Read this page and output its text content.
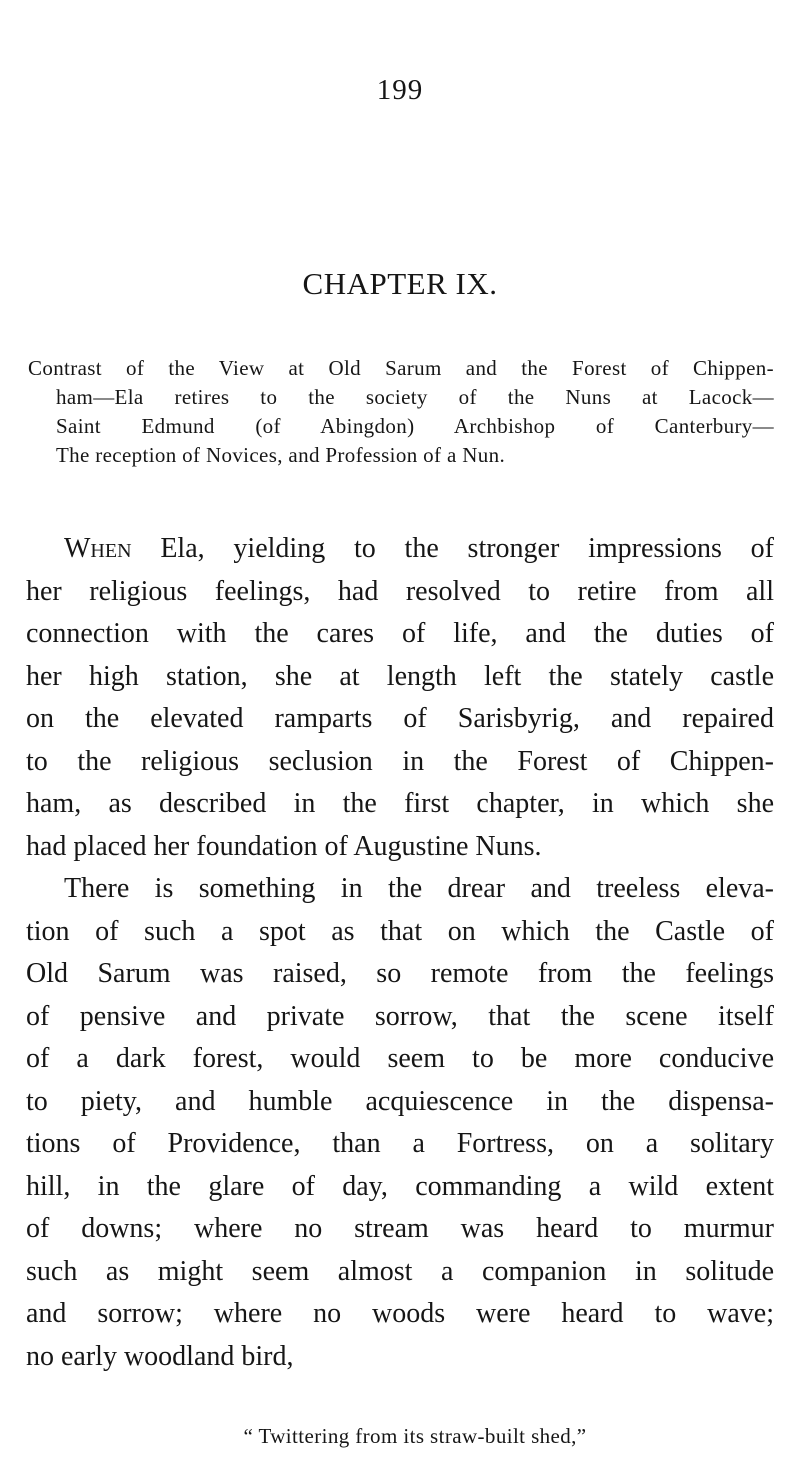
199
CHAPTER IX.
Contrast of the View at Old Sarum and the Forest of Chippen-
ham—Ela retires to the society of the Nuns at Lacock—
Saint Edmund (of Abingdon) Archbishop of Canterbury—
The reception of Novices, and Profession of a Nun.
When Ela, yielding to the stronger impressions of
her religious feelings, had resolved to retire from all
connection with the cares of life, and the duties of
her high station, she at length left the stately castle
on the elevated ramparts of Sarisbyrig, and repaired
to the religious seclusion in the Forest of Chippen-
ham, as described in the first chapter, in which she
had placed her foundation of Augustine Nuns.
There is something in the drear and treeless eleva-
tion of such a spot as that on which the Castle of
Old Sarum was raised, so remote from the feelings
of pensive and private sorrow, that the scene itself
of a dark forest, would seem to be more conducive
to piety, and humble acquiescence in the dispensa-
tions of Providence, than a Fortress, on a solitary
hill, in the glare of day, commanding a wild extent
of downs; where no stream was heard to murmur
such as might seem almost a companion in solitude
and sorrow; where no woods were heard to wave;
no early woodland bird,
“ Twittering from its straw-built shed,”
